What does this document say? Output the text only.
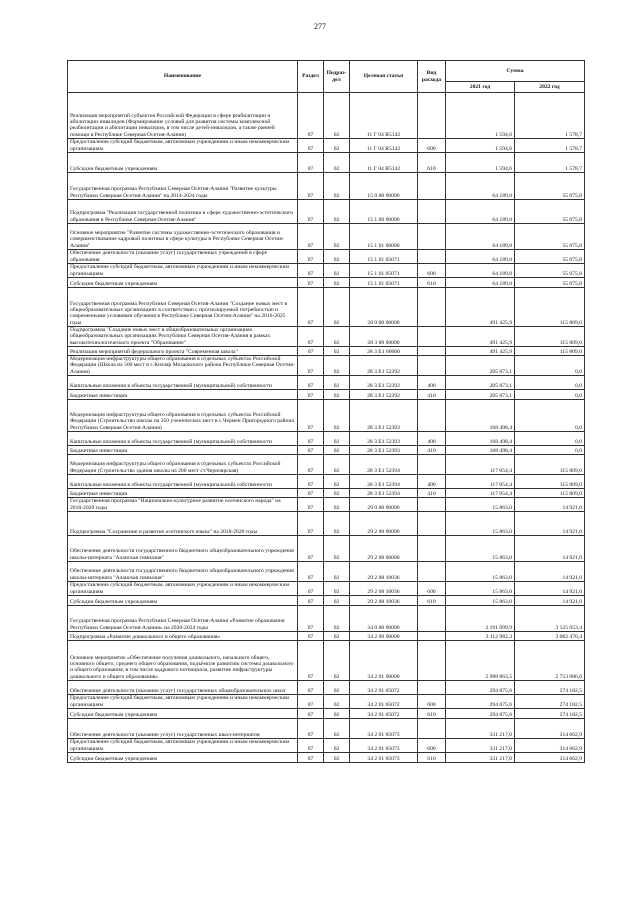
277
Наименование	Раздел	Подраз-дел	Целевая статья	Вид расхода	Сумма	
					2021 год	2022 год
Реализация мероприятий субъектов Российской Федерации в сфере реабилитации и абилитации инвалидов (Формирование условий для развития системы комплексной реабилитации и абилитации инвалидов, в том числе детей-инвалидов, а также ранней помощи в Республике Северная Осетия-Алания)	07	02	11 Г 04 R5142		1 594,6	1 578,7
Предоставление субсидий бюджетным, автономным учреждениям и иным некоммерческим организациям	07	02	11 Г 04 R5142	600	1 594,6	1 578,7
Субсидии бюджетным учреждениям	07	02	11 Г 04 R5142	610	1 594,6	1 578,7
Государственная программа Республики Северная Осетия-Алания "Развитие культуры Республики Северная Осетия-Алания" на 2014-2024 годы	07	02	15 0 00 00000		64 189,8	55 075,8
Подпрограмма "Реализация государственной политики в сфере художественно-эстетического образования в Республике Северная Осетия-Алания"	07	02	15 1 00 00000		64 189,8	55 075,8
Основное мероприятие "Развитие системы художественно-эстетического образования и совершенствование кадровой политики в сфере культуры в Республике Северная Осетия-Алания"	07	02	15 1 01 00000		64 189,8	55 075,8
Обеспечение деятельности (оказание услуг) государственных учреждений в сфере образования	07	02	15 1 01 05071		64 189,8	55 075,8
Предоставление субсидий бюджетным, автономным учреждениям и иным некоммерческим организациям	07	02	15 1 01 05071	600	64 189,8	55 075,8
Субсидии бюджетным учреждениям	07	02	15 1 01 05071	610	64 189,8	55 075,8
Государственная программа Республики Северная Осетия-Алания "Создание новых мест в общеобразовательных организациях в соответствии с прогнозируемой потребностью и современными условиями обучения в Республике Северная Осетия-Алания" на 2016-2025 годы	07	02	28 0 00 00000		491 425,9	115 809,0
Подпрограмма "Создание новых мест в общеобразовательных организациях общеобразовательных организациях Республики Северная Осетия-Алания в рамках высокотехнологического проекта "Образование"	07	02	28 3 00 00000		491 425,9	115 809,0
Реализация мероприятий федерального проекта "Современная школа"	07	02	28 3 Е1 00000		491 425,9	115 809,0
Модернизация инфраструктуры общего образования в отдельных субъектах Российской Федерации (Школа на 500 мест в с.Кизляр Моздокского района Республики Северная Осетия-Алания)	07	02	28 3 Е1 52392		205 873,1	0,0
Капитальные вложения в объекты государственной (муниципальной) собственности	07	02	28 3 Е1 52392	400	205 873,1	0,0
Бюджетные инвестиции	07	02	28 3 Е1 52392	410	205 873,1	0,0
Модернизация инфраструктуры общего образования в отдельных субъектах Российской Федерации (Строительство школы на 350 ученических мест в с.Чермен Пригородного района Республики Северная Осетия-Алания)	07	02	28 3 Е1 52393		168 498,4	0,0
Капитальные вложения в объекты государственной (муниципальной) собственности	07	02	28 3 Е1 52393	400	168 498,4	0,0
Бюджетные инвестиции	07	02	28 3 Е1 52393	410	168 498,4	0,0
Модернизация инфраструктуры общего образования в отдельных субъектах Российской Федерации (Строительство здания школы на 200 мест ст.Черноярская)	07	02	28 3 Е1 52394		117 054,4	115 809,0
Капитальные вложения в объекты государственной (муниципальной) собственности	07	02	28 3 Е1 52394	400	117 054,4	115 809,0
Бюджетные инвестиции	07	02	28 3 Е1 52394	410	117 054,4	115 809,0
Государственная программа "Национально-культурное развитие осетинского народа" на 2018-2020 годы	07	02	29 0 00 00000		15 863,0	14 921,0
Подпрограмма "Сохранение и развитие осетинского языка" на 2018-2020 годы	07	02	29 2 00 00000		15 863,0	14 921,0
Обеспечение деятельности государственного бюджетного общеобразовательного учреждения школы-интерната "Аланская гимназия"	07	02	29 2 08 00000		15 863,0	14 921,0
Обеспечение деятельности государственного бюджетного общеобразовательного учреждения школы-интерната "Аланская гимназия"	07	02	29 2 08 10036		15 863,0	14 921,0
Предоставление субсидий бюджетным, автономным учреждениям и иным некоммерческим организациям	07	02	29 2 08 10036	600	15 863,0	14 921,0
Субсидии бюджетным учреждениям	07	02	29 2 08 10036	610	15 863,0	14 921,0
Государственная программа Республики Северная Осетия-Алания «Развитие образования Республики Северная Осетия-Алания» на 2020-2024 годы	07	02	34 0 00 00000		3 191 099,9	3 125 053,4
Подпрограмма «Развитие дошкольного и общего образования»	07	02	34 2 00 00000		3 112 982,3	3 082 470,4
Основное мероприятие «Обеспечение получения дошкольного, начального общего, основного общего, среднего общего образования, подъёмпле развитию системы дошкольного и общего образования, в том числе кадрового потенциала, развитие инфраструктуры дошкольного и общего образования»	07	02	34 2 01 00000		2 988 863,5	2 753 086,6
Обеспечение деятельности (оказание услуг) государственных общеобразовательных школ	07	02	34 2 01 05072		294 875,6	274 182,5
Предоставление субсидий бюджетным, автономным учреждениям и иным некоммерческим организациям	07	02	34 2 01 05072	600	294 875,6	274 182,5
Субсидии бюджетным учреждениям	07	02	34 2 01 05072	610	294 875,6	274 182,5
Обеспечение деятельности (оказание услуг) государственных школ-интернатов	07	02	34 2 01 05073		331 217,0	314 662,9
Предоставление субсидий бюджетным, автономным учреждениям и иным некоммерческим организациям	07	02	34 2 01 05073	600	331 217,0	314 662,9
Субсидии бюджетным учреждениям	07	02	34 2 01 05073	610	331 217,0	314 662,9
